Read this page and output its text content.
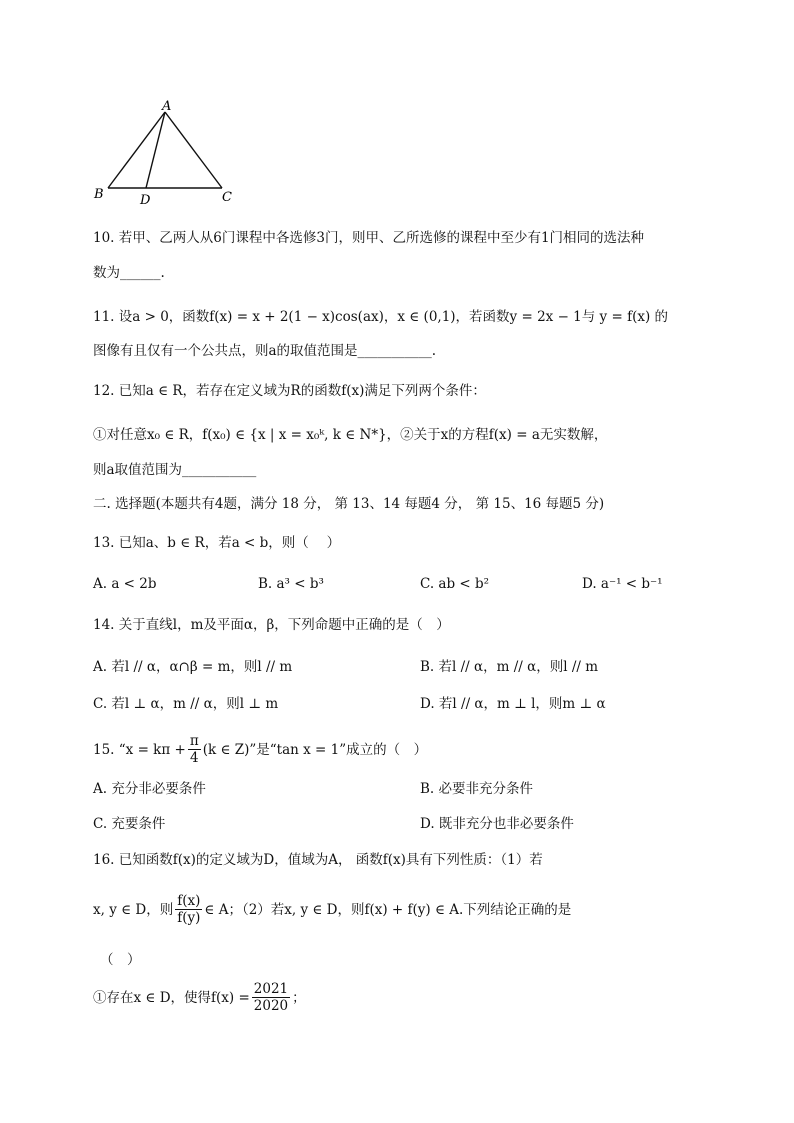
A
B	C
D
10. 若甲、乙两人从6门课程中各选修3门，则甲、乙所选修的课程中至少有1门相同的选法种
数为______.
11. 设a > 0，函数f(x) = x + 2(1 − x)cos(ax)，x ∈ (0,1)，若函数y = 2x − 1与 y = f(x) 的
图像有且仅有一个公共点，则a的取值范围是___________.
12. 已知a ∈ R，若存在定义域为R的函数f(x)满足下列两个条件：
①对任意x₀ ∈ R，f(x₀) ∈ {x | x = x₀ᵏ, k ∈ N*}，②关于x的方程f(x) = a无实数解，
则a取值范围为___________
二. 选择题(本题共有4题，满分 18 分， 第 13、14 每题4 分， 第 15、16 每题5 分)
13. 已知a、b ∈ R，若a < b，则（　 ）
A. a < 2b	B. a³ < b³	C. ab < b²	D. a⁻¹ < b⁻¹
14. 关于直线l，m及平面α，β，下列命题中正确的是（　）
A. 若l // α，α∩β = m，则l // m	B. 若l // α，m // α，则l // m
C. 若l ⊥ α，m // α，则l ⊥ m	D. 若l // α，m ⊥ l，则m ⊥ α
15. “$x = k\pi + \frac{\pi}{4} (k$ ∈ Z)”是“tan x = 1”成立的（　）
A. 充分非必要条件	B. 必要非充分条件
C. 充要条件	D. 既非充分也非必要条件
16. 已知函数f(x)的定义域为D，值域为A， 函数f(x)具有下列性质：（1）若
x, y ∈ D，则 $\frac{f(x)}{f(y)}$ ∈ A；（2）若x, y ∈ D，则f(x) + f(y) ∈ A.下列结论正确的是
（　）
①存在x ∈ D，使得$f(x) = \frac{2021}{2020}$ ；
